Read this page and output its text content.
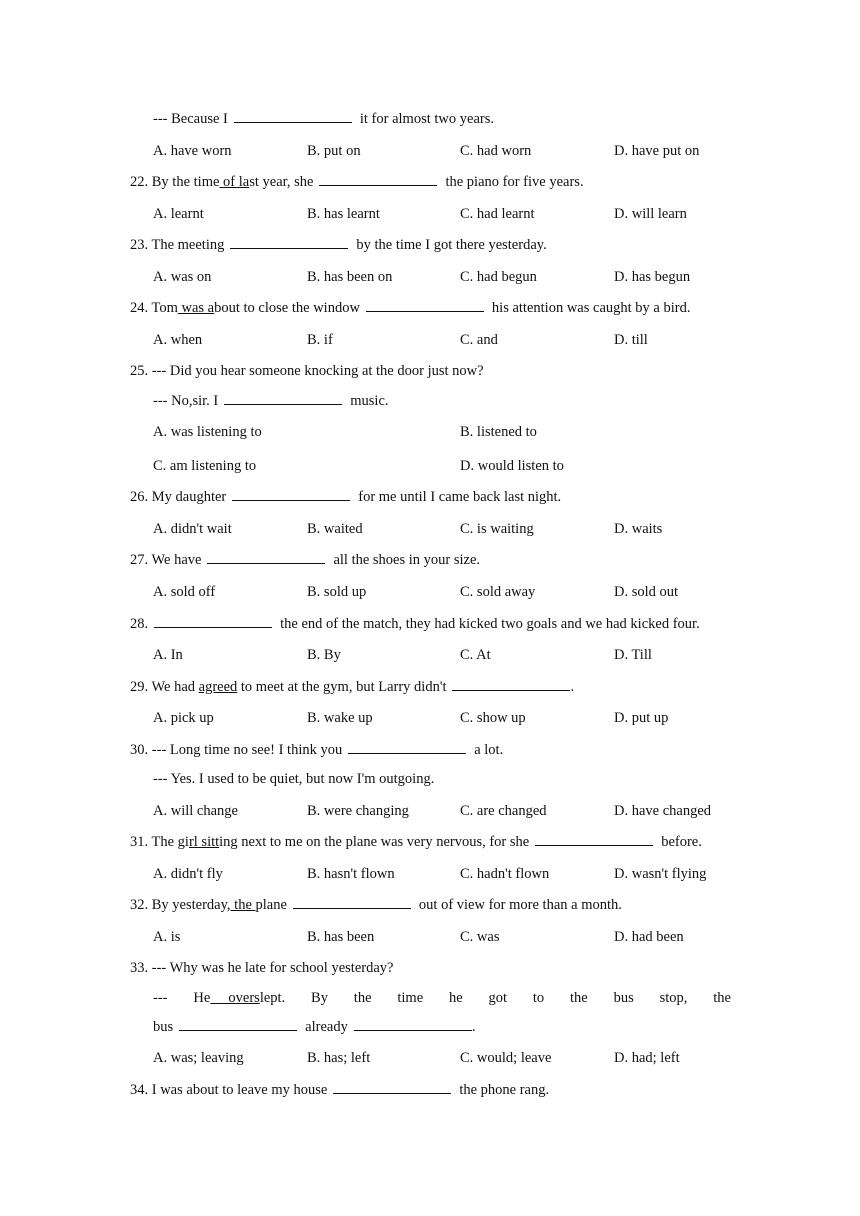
--- Because I	it for almost two years.
A. have worn	B. put on	C. had worn	D. have put on
22. By the time of last year, she	the piano for five years.
A. learnt	B. has learnt	C. had learnt	D. will learn
23. The meeting	by the time I got there yesterday.
A. was on	B. has been on	C. had begun	D. has begun
24. Tom was about to close the window	his attention was caught by a bird.
A. when	B. if	C. and	D. till
25. --- Did you hear someone knocking at the door just now?
--- No,sir. I	music.
A. was listening to	B. listened to
C. am listening to	D. would listen to
26. My daughter	for me until I came back last night.
A. didn't wait	B. waited	C. is waiting	D. waits
27. We have	all the shoes in your size.
A. sold off	B. sold up	C. sold away	D. sold out
28.	the end of the match, they had kicked two goals and we had kicked four.
A. In	B. By	C. At	D. Till
29. We had agreed to meet at the gym, but Larry didn't	.
A. pick up	B. wake up	C. show up	D. put up
30. --- Long time no see! I think you	a lot.
--- Yes. I used to be quiet, but now I'm outgoing.
A. will change	B. were changing	C. are changed	D. have changed
31. The girl sitting next to me on the plane was very nervous, for she	before.
A. didn't fly	B. hasn't flown	C. hadn't flown	D. wasn't flying
32. By yesterday, the plane	out of view for more than a month.
A. is	B. has been	C. was	D. had been
33. --- Why was he late for school yesterday?
--- He     overslept. By the time he got to the bus stop, the
bus	already	.
A. was; leaving	B. has; left	C. would; leave	D. had; left
34. I was about to leave my house	the phone rang.
